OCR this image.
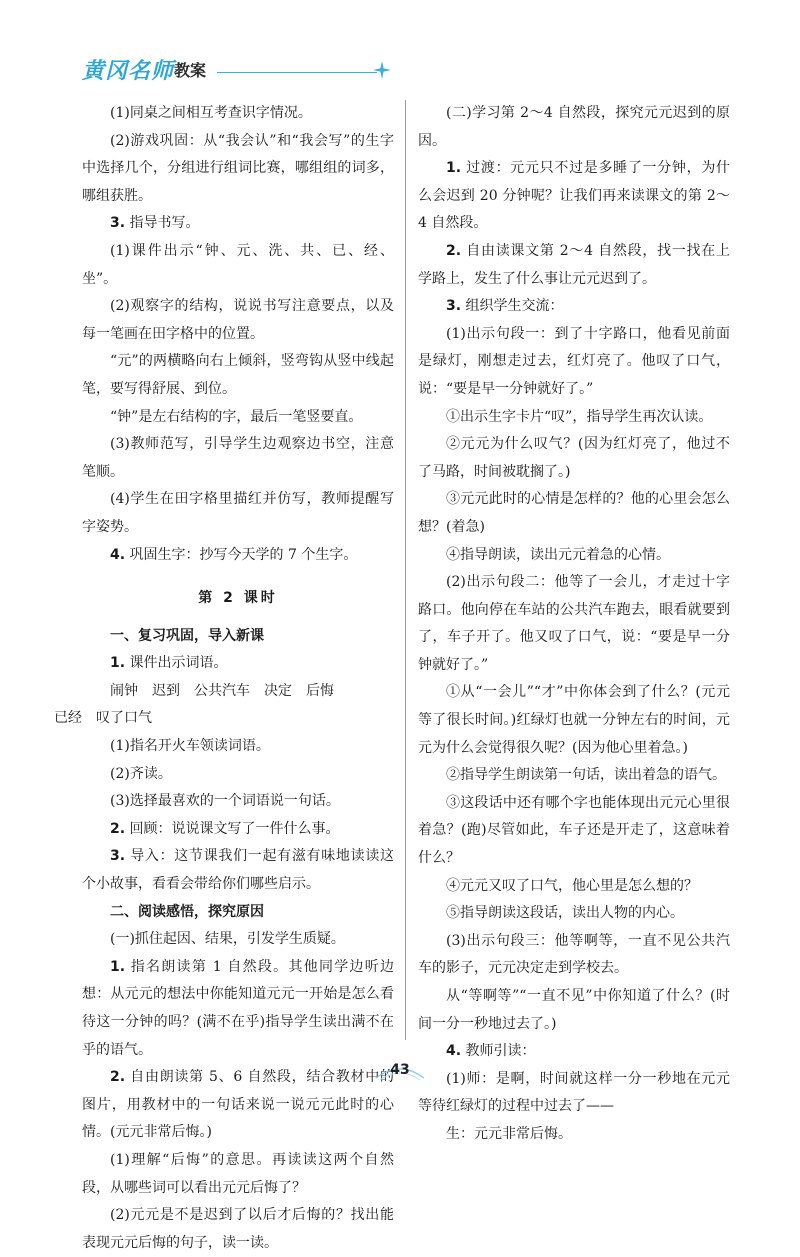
黄冈名师 教案

(1)同桌之间相互考查识字情况。

(2)游戏巩固：从“我会认”和“我会写”的生字中选择几个，分组进行组词比赛，哪组组的词多，哪组获胜。

3. 指导书写。

(1)课件出示“钟、元、洗、共、已、经、坐”。

(2)观察字的结构，说说书写注意要点，以及每一笔画在田字格中的位置。

“元”的两横略向右上倾斜，竖弯钩从竖中线起笔，要写得舒展、到位。

“钟”是左右结构的字，最后一笔竖要直。

(3)教师范写，引导学生边观察边书空，注意笔顺。

(4)学生在田字格里描红并仿写，教师提醒写字姿势。

4. 巩固生字：抄写今天学的 7 个生字。

第 2 课时

一、复习巩固，导入新课

1. 课件出示词语。

闹钟 迟到 公共汽车 决定 后悔
已经　叹了口气

(1)指名开火车领读词语。

(2)齐读。

(3)选择最喜欢的一个词语说一句话。

2. 回顾：说说课文写了一件什么事。

3. 导入：这节课我们一起有滋有味地读读这个小故事，看看会带给你们哪些启示。

二、阅读感悟，探究原因

(一)抓住起因、结果，引发学生质疑。

1. 指名朗读第 1 自然段。其他同学边听边想：从元元的想法中你能知道元元一开始是怎么看待这一分钟的吗？(满不在乎)指导学生读出满不在乎的语气。

2. 自由朗读第 5、6 自然段，结合教材中的图片，用教材中的一句话来说一说元元此时的心情。(元元非常后悔。)

(1)理解“后悔”的意思。再读读这两个自然段，从哪些词可以看出元元后悔了？

(2)元元是不是迟到了以后才后悔的？找出能表现元元后悔的句子，读一读。

(二)学习第 2～4 自然段，探究元元迟到的原因。

1. 过渡：元元只不过是多睡了一分钟，为什么会迟到 20 分钟呢？让我们再来读课文的第 2～4 自然段。

2. 自由读课文第 2～4 自然段，找一找在上学路上，发生了什么事让元元迟到了。

3. 组织学生交流：

(1)出示句段一：到了十字路口，他看见前面是绿灯，刚想走过去，红灯亮了。他叹了口气，说：“要是早一分钟就好了。”

①出示生字卡片“叹”，指导学生再次认读。

②元元为什么叹气？(因为红灯亮了，他过不了马路，时间被耽搁了。)

③元元此时的心情是怎样的？他的心里会怎么想？(着急)

④指导朗读，读出元元着急的心情。

(2)出示句段二：他等了一会儿，才走过十字路口。他向停在车站的公共汽车跑去，眼看就要到了，车子开了。他又叹了口气，说：“要是早一分钟就好了。”

①从“一会儿”“才”中你体会到了什么？(元元等了很长时间。)红绿灯也就一分钟左右的时间，元元为什么会觉得很久呢？(因为他心里着急。)

②指导学生朗读第一句话，读出着急的语气。

③这段话中还有哪个字也能体现出元元心里很着急？(跑)尽管如此，车子还是开走了，这意味着什么？

④元元又叹了口气，他心里是怎么想的？

⑤指导朗读这段话，读出人物的内心。

(3)出示句段三：他等啊等，一直不见公共汽车的影子，元元决定走到学校去。

从“等啊等”“一直不见”中你知道了什么？(时间一分一秒地过去了。)

4. 教师引读：

(1)师：是啊，时间就这样一分一秒地在元元等待红绿灯的过程中过去了——

生：元元非常后悔。

43
